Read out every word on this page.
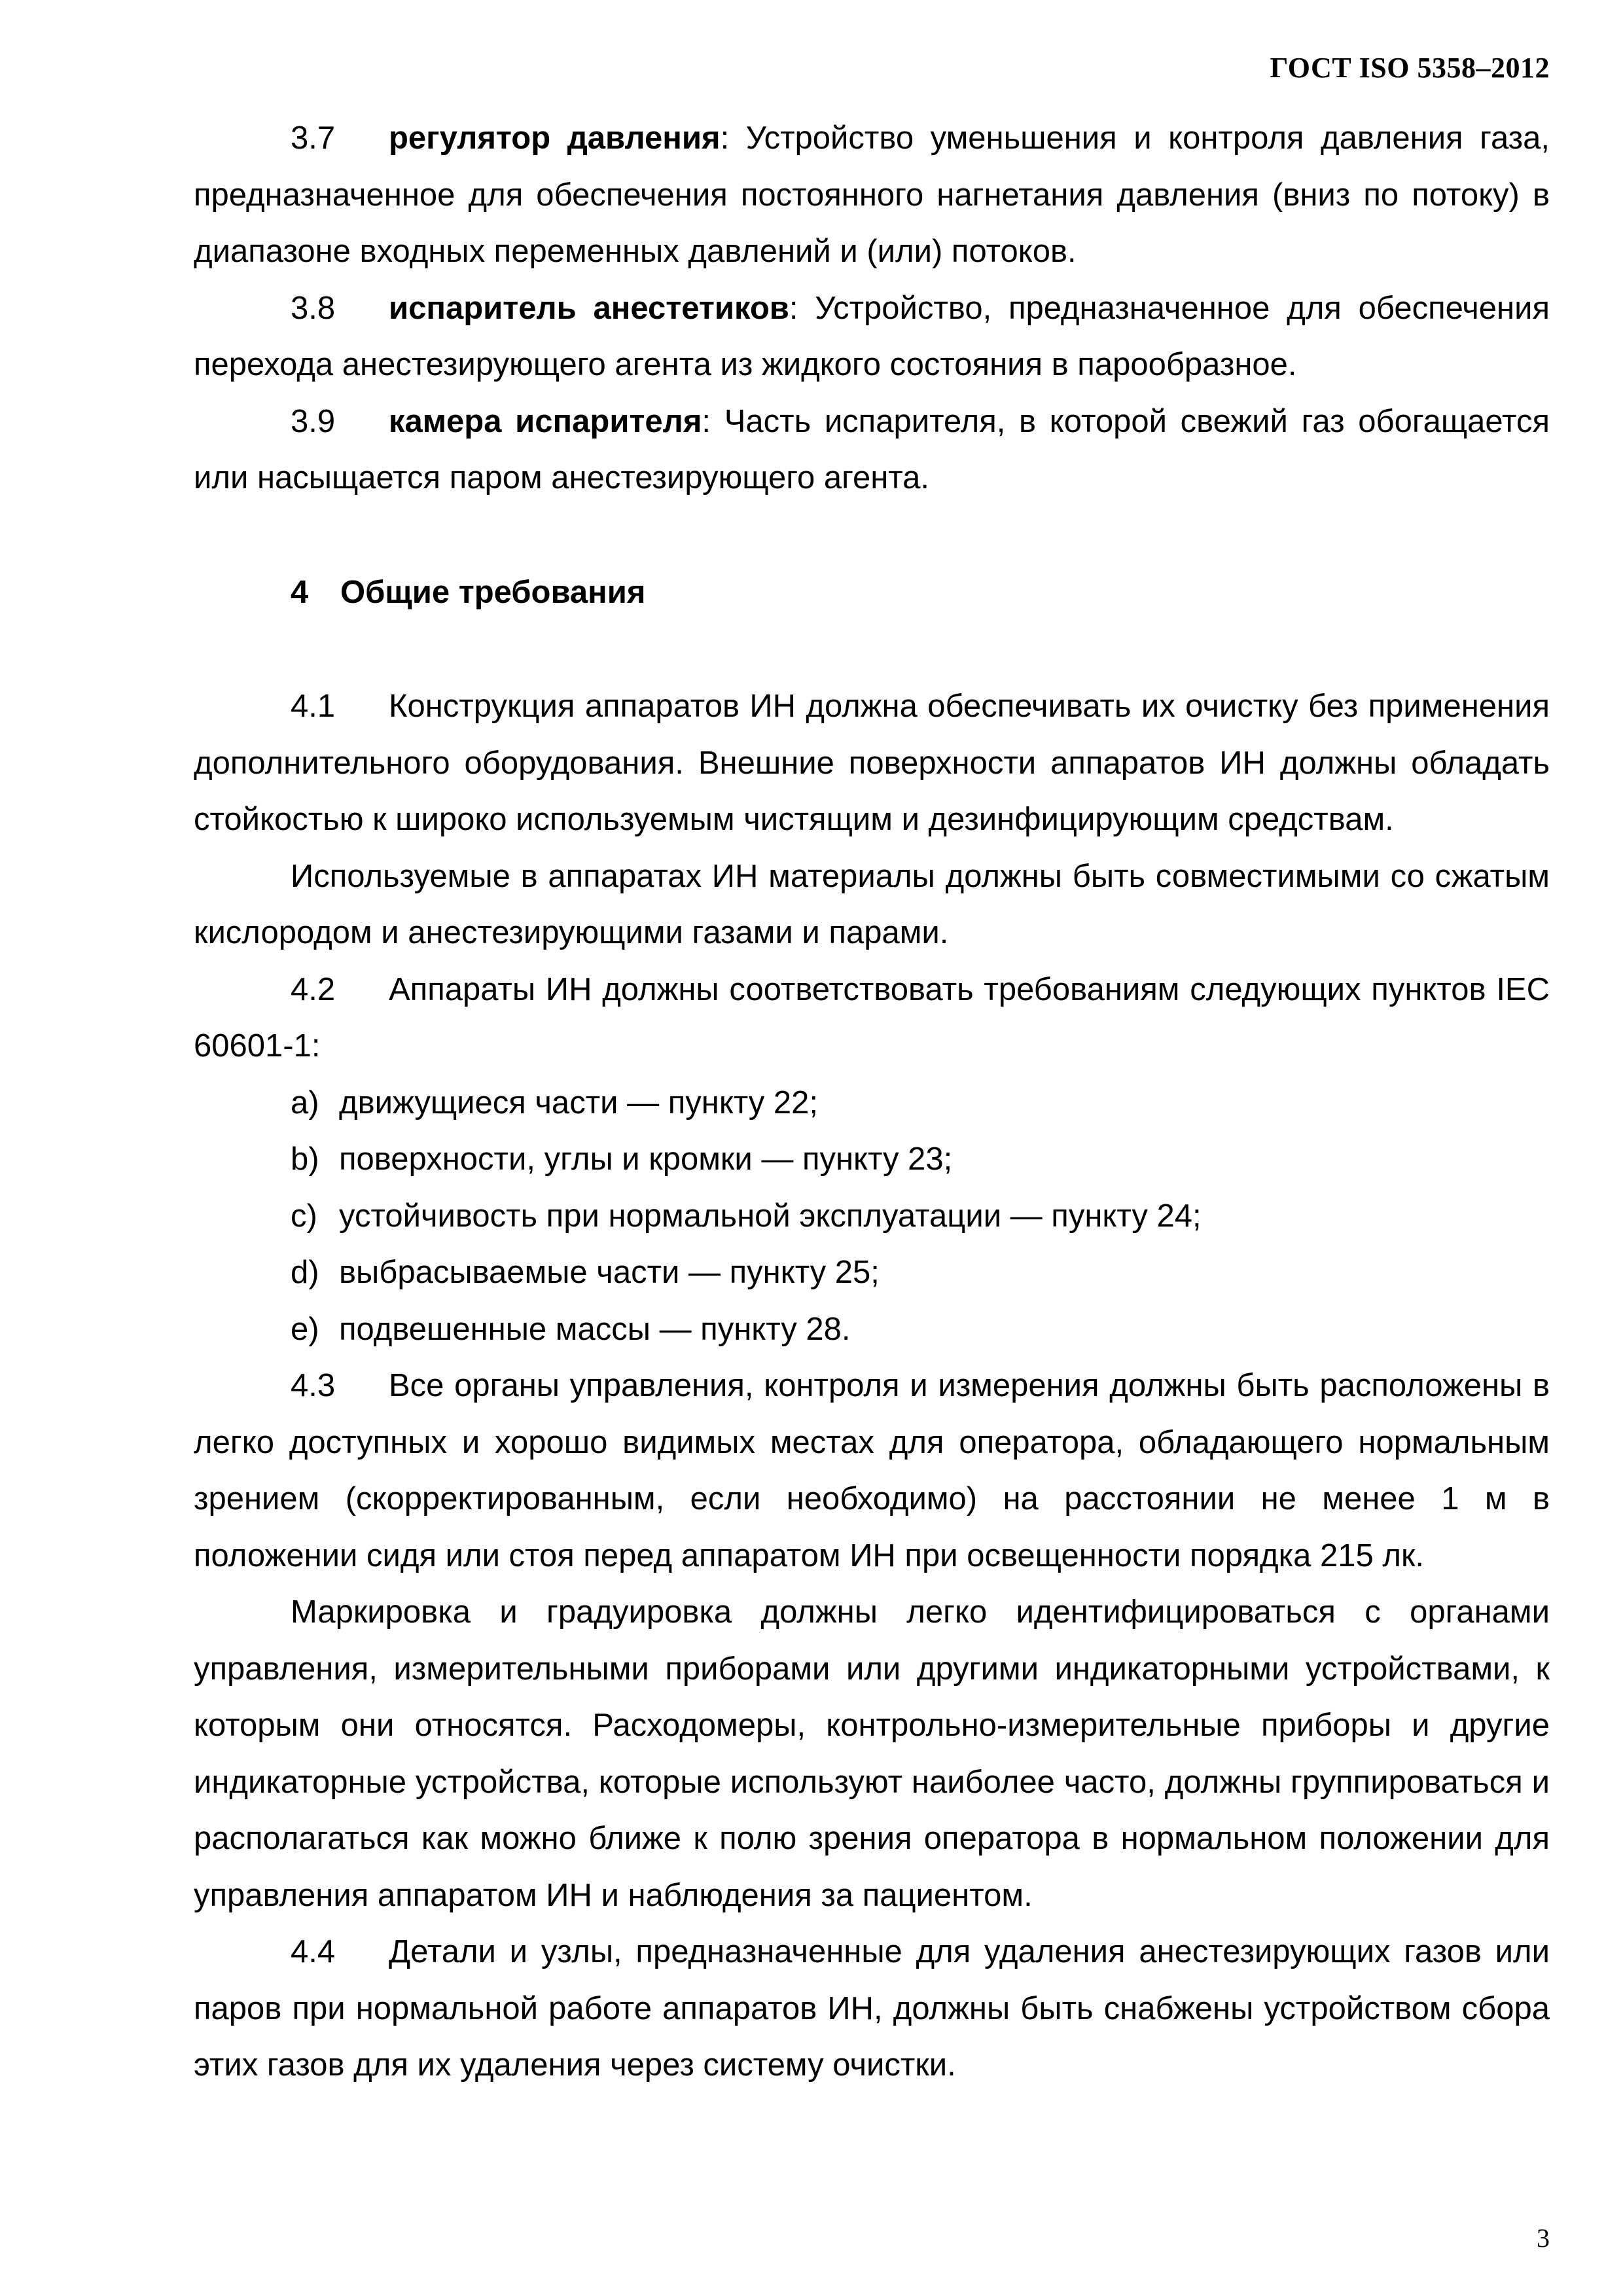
ГОСТ ISO 5358–2012

3.7 регулятор давления: Устройство уменьшения и контроля давления газа, предназначенное для обеспечения постоянного нагнетания давления (вниз по потоку) в диапазоне входных переменных давлений и (или) потоков.

3.8 испаритель анестетиков: Устройство, предназначенное для обеспечения перехода анестезирующего агента из жидкого состояния в парообразное.

3.9 камера испарителя: Часть испарителя, в которой свежий газ обогащается или насыщается паром анестезирующего агента.

4 Общие требования

4.1 Конструкция аппаратов ИН должна обеспечивать их очистку без применения дополнительного оборудования. Внешние поверхности аппаратов ИН должны обладать стойкостью к широко используемым чистящим и дезинфицирующим средствам.

Используемые в аппаратах ИН материалы должны быть совместимыми со сжатым кислородом и анестезирующими газами и парами.

4.2 Аппараты ИН должны соответствовать требованиям следующих пунктов IEC 60601-1:

a) движущиеся части — пункту 22;

b) поверхности, углы и кромки — пункту 23;

c) устойчивость при нормальной эксплуатации — пункту 24;

d) выбрасываемые части — пункту 25;

e) подвешенные массы — пункту 28.

4.3 Все органы управления, контроля и измерения должны быть расположены в легко доступных и хорошо видимых местах для оператора, обладающего нормальным зрением (скорректированным, если необходимо) на расстоянии не менее 1 м в положении сидя или стоя перед аппаратом ИН при освещенности порядка 215 лк.

Маркировка и градуировка должны легко идентифицироваться с органами управления, измерительными приборами или другими индикаторными устройствами, к которым они относятся. Расходомеры, контрольно-измерительные приборы и другие индикаторные устройства, которые используют наиболее часто, должны группироваться и располагаться как можно ближе к полю зрения оператора в нормальном положении для управления аппаратом ИН и наблюдения за пациентом.

4.4 Детали и узлы, предназначенные для удаления анестезирующих газов или паров при нормальной работе аппаратов ИН, должны быть снабжены устройством сбора этих газов для их удаления через систему очистки.

3
